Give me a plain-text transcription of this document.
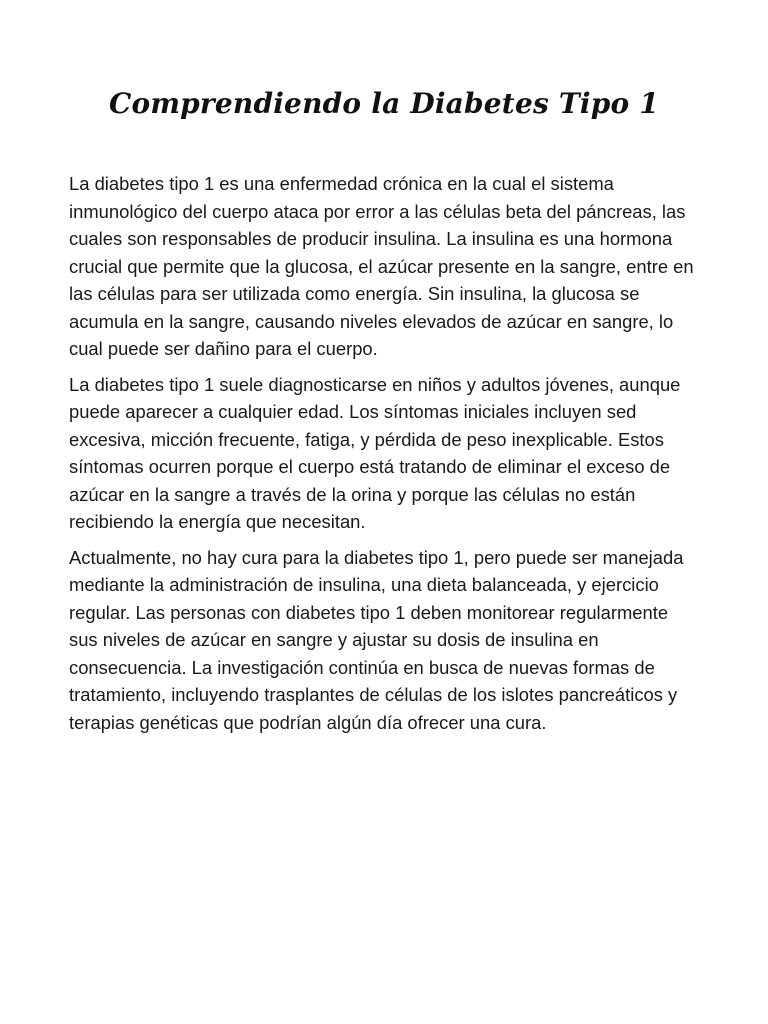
Comprendiendo la Diabetes Tipo 1

La diabetes tipo 1 es una enfermedad crónica en la cual el sistema inmunológico del cuerpo ataca por error a las células beta del páncreas, las cuales son responsables de producir insulina. La insulina es una hormona crucial que permite que la glucosa, el azúcar presente en la sangre, entre en las células para ser utilizada como energía. Sin insulina, la glucosa se acumula en la sangre, causando niveles elevados de azúcar en sangre, lo cual puede ser dañino para el cuerpo.

La diabetes tipo 1 suele diagnosticarse en niños y adultos jóvenes, aunque puede aparecer a cualquier edad. Los síntomas iniciales incluyen sed excesiva, micción frecuente, fatiga, y pérdida de peso inexplicable. Estos síntomas ocurren porque el cuerpo está tratando de eliminar el exceso de azúcar en la sangre a través de la orina y porque las células no están recibiendo la energía que necesitan.

Actualmente, no hay cura para la diabetes tipo 1, pero puede ser manejada mediante la administración de insulina, una dieta balanceada, y ejercicio regular. Las personas con diabetes tipo 1 deben monitorear regularmente sus niveles de azúcar en sangre y ajustar su dosis de insulina en consecuencia. La investigación continúa en busca de nuevas formas de tratamiento, incluyendo trasplantes de células de los islotes pancreáticos y terapias genéticas que podrían algún día ofrecer una cura.
